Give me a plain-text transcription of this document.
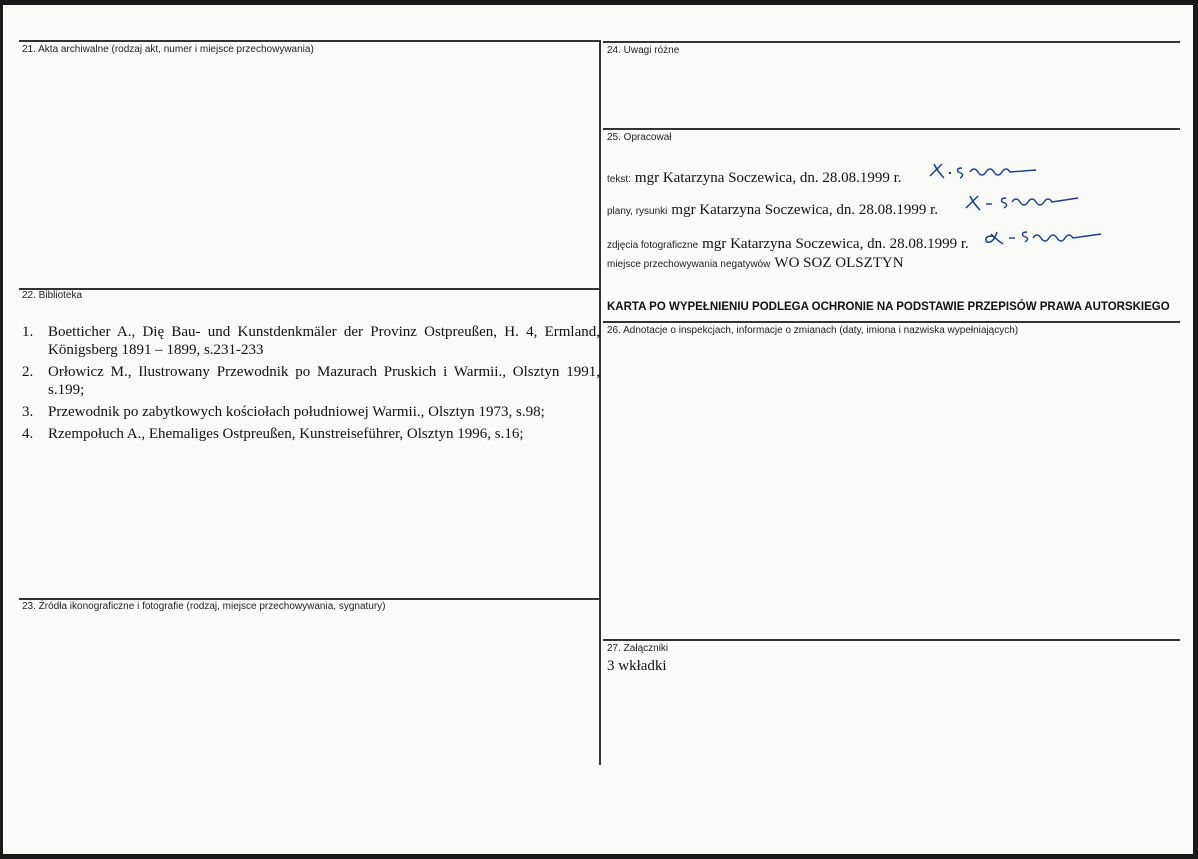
21. Akta archiwalne (rodzaj akt, numer i miejsce przechowywania)	24. Uwagi różne
25. Opracował
22. Biblioteka
26. Adnotacje o inspekcjach, informacje o zmianach (daty, imiona i nazwiska wypełniających)
23. Źródła ikonograficzne i fotografie (rodzaj, miejsce przechowywania, sygnatury)
27. Załączniki
1. Boetticher A., Dię Bau- und Kunstdenkmäler der Provinz Ostpreußen, H. 4, Ermland, Königsberg 1891 – 1899, s.231-233
2. Orłowicz M., Ilustrowany Przewodnik po Mazurach Pruskich i Warmii., Olsztyn 1991, s.199;
3. Przewodnik po zabytkowych kościołach południowej Warmii., Olsztyn 1973, s.98;
4. Rzempołuch A., Ehemaliges Ostpreußen, Kunstreiseführer, Olsztyn 1996, s.16;
tekst: mgr Katarzyna Soczewica, dn. 28.08.1999 r.
plany, rysunki mgr Katarzyna Soczewica, dn. 28.08.1999 r.
zdjęcia fotograficzne mgr Katarzyna Soczewica, dn. 28.08.1999 r.
miejsce przechowywania negatywów WO SOZ OLSZTYN
KARTA PO WYPEŁNIENIU PODLEGA OCHRONIE NA PODSTAWIE PRZEPISÓW PRAWA AUTORSKIEGO
3 wkładki
